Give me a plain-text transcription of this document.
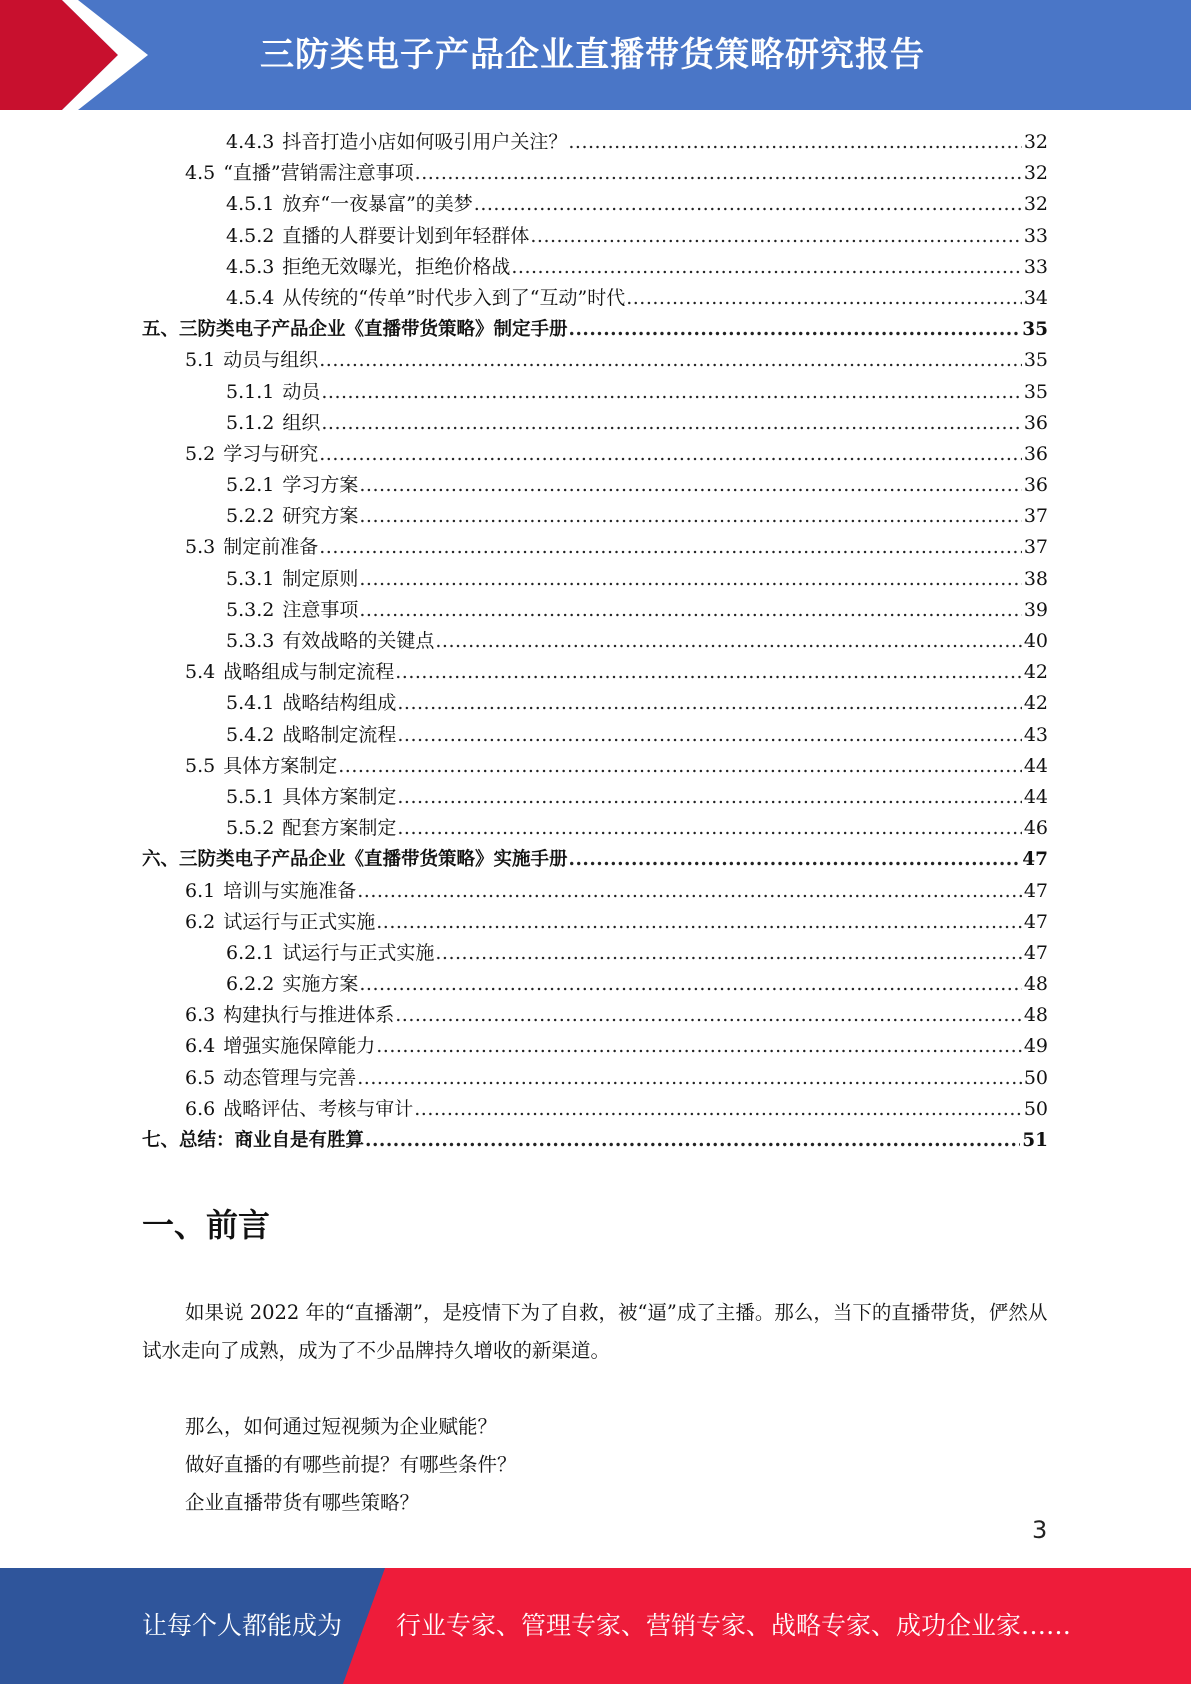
三防类电子产品企业直播带货策略研究报告
4.4.3 抖音打造小店如何吸引用户关注？ .....	32
4.5 “直播”营销需注意事项 .....	32
4.5.1 放弃“一夜暴富”的美梦 .....	32
4.5.2 直播的人群要计划到年轻群体 .....	33
4.5.3 拒绝无效曝光，拒绝价格战 .....	33
4.5.4 从传统的“传单”时代步入到了“互动”时代 .....	34
五、三防类电子产品企业《直播带货策略》制定手册 .....	35
5.1 动员与组织 .....	35
5.1.1 动员 .....	35
5.1.2 组织 .....	36
5.2 学习与研究 .....	36
5.2.1 学习方案 .....	36
5.2.2 研究方案 .....	37
5.3 制定前准备 .....	37
5.3.1 制定原则 .....	38
5.3.2 注意事项 .....	39
5.3.3 有效战略的关键点 .....	40
5.4 战略组成与制定流程 .....	42
5.4.1 战略结构组成 .....	42
5.4.2 战略制定流程 .....	43
5.5 具体方案制定 .....	44
5.5.1 具体方案制定 .....	44
5.5.2 配套方案制定 .....	46
六、三防类电子产品企业《直播带货策略》实施手册 .....	47
6.1 培训与实施准备 .....	47
6.2 试运行与正式实施 .....	47
6.2.1 试运行与正式实施 .....	47
6.2.2 实施方案 .....	48
6.3 构建执行与推进体系 .....	48
6.4 增强实施保障能力 .....	49
6.5 动态管理与完善 .....	50
6.6 战略评估、考核与审计 .....	50
七、总结：商业自是有胜算 .....	51
一、前言
如果说 2022 年的“直播潮”，是疫情下为了自救，被“逼”成了主播。那么，当下的直播带货，俨然从试水走向了成熟，成为了不少品牌持久增收的新渠道。
那么，如何通过短视频为企业赋能？
做好直播的有哪些前提？有哪些条件？
企业直播带货有哪些策略？
3
让每个人都能成为 行业专家、管理专家、营销专家、战略专家、成功企业家……
